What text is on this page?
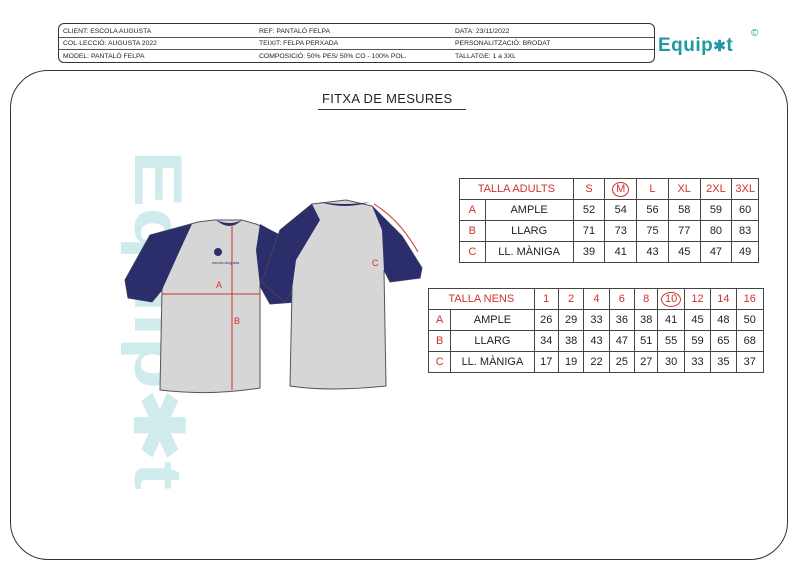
CLIENT: ESCOLA AUGUSTA	REF: PANTALÓ FELPA	DATA: 23/11/2022
COL·LECCIÓ: AUGUSTA 2022	TEIXIT: FELPA PERXADA	PERSONALITZACIÓ: BRODAT
MODEL: PANTALÓ FELPA	COMPOSICIÓ: 50% PES/ 50% CO - 100% POL.	TALLATGE: 1 a 3XL
Equip✱t
©
FITXA DE MESURES
escola Augusta
A
B
C
TALLA ADULTS		S	M	L	XL	2XL	3XL
A	AMPLE	52	54	56	58	59	60
B	LLARG	71	73	75	77	80	83
C	LL. MÀNIGA	39	41	43	45	47	49
TALLA NENS		1	2	4	6	8	10	12	14	16
A	AMPLE	26	29	33	36	38	41	45	48	50
B	LLARG	34	38	43	47	51	55	59	65	68
C	LL. MÀNIGA	17	19	22	25	27	30	33	35	37
